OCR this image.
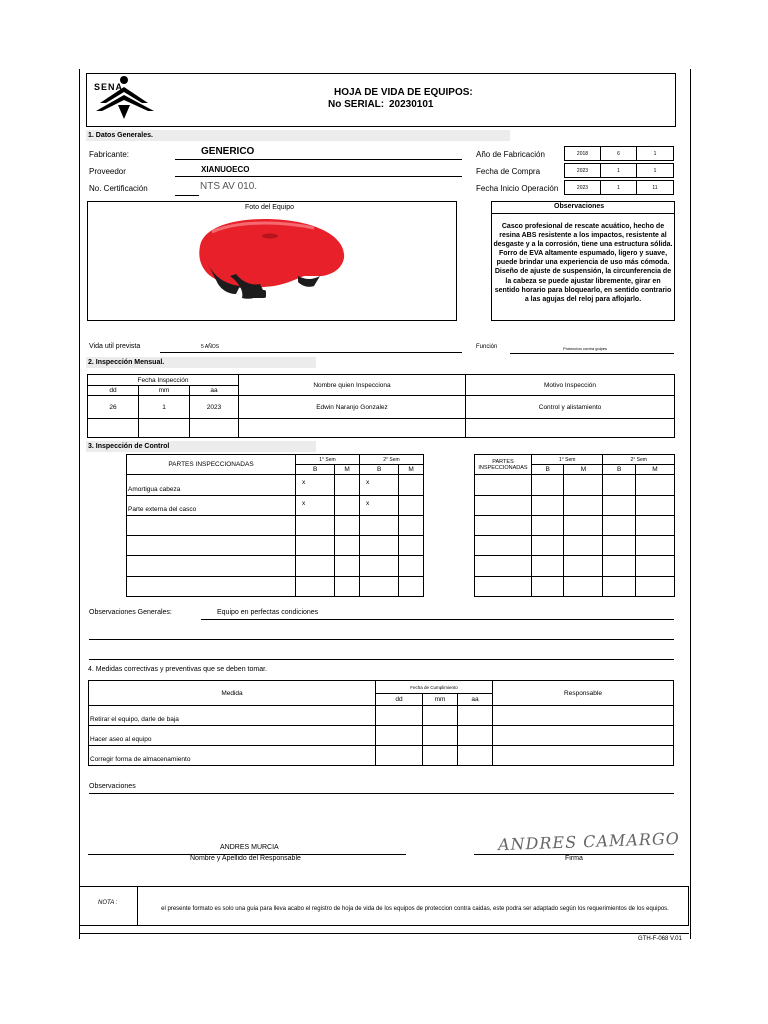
SENA	HOJA DE VIDA DE EQUIPOS:
No SERIAL: 20230101
1. Datos Generales.
Fabricante:	GENERICO
Proveedor	XIANUOECO
No. Certificación	NTS AV 010.
Año de Fabricación	2018	6	1
Fecha de Compra	2023	1	1
Fecha Inicio Operación	2023	1	11
Foto del Equipo	Observaciones
Casco profesional de rescate acuático, hecho de resina ABS resistente a los impactos, resistente al desgaste y a la corrosión, tiene una estructura sólida. Forro de EVA altamente espumado, ligero y suave, puede brindar una experiencia de uso más cómoda. Diseño de ajuste de suspensión, la circunferencia de la cabeza se puede ajustar libremente, girar en sentido horario para bloquearlo, en sentido contrario a las agujas del reloj para aflojarlo.
Vida util prevista	5 AÑOS	Función	Proteccion contra golpes
2. Inspección Mensual.
Fecha Inspección			Nombre quien Inspecciona	Motivo Inspección
dd	mm	aa		
26	1	2023	Edwin Naranjo Gonzalez	Control y alistamiento

3. Inspección de Control
PARTES INSPECCIONADAS	1° Sem		2° Sem	
	B	M	B	M
Amortigua cabeza	x		x	
Parte externa del casco	x		x	

PARTES INSPECCIONADAS	1° Sem		2° Sem	
	B	M	B	M

Observaciones Generales:	Equipo en perfectas condiciones
4. Medidas correctivas y preventivas que se deben tomar.
Medida	Fecha de Cumplimiento			Responsable
	dd	mm	aa	
Retirar el equipo, darle de baja				
Hacer aseo al equipo				
Corregir forma de almacenamiento				
Observaciones
ANDRES MURCIA
Nombre y Apellido del Responsable
ANDRES CAMARGO
Firma
NOTA :
el presente formato es solo una guia para lleva acabo el registro de hoja de vida de los equipos de proteccion contra caidas, este podra ser adaptado según los requerimientos de los equipos.
GTH-F-068 V.01
